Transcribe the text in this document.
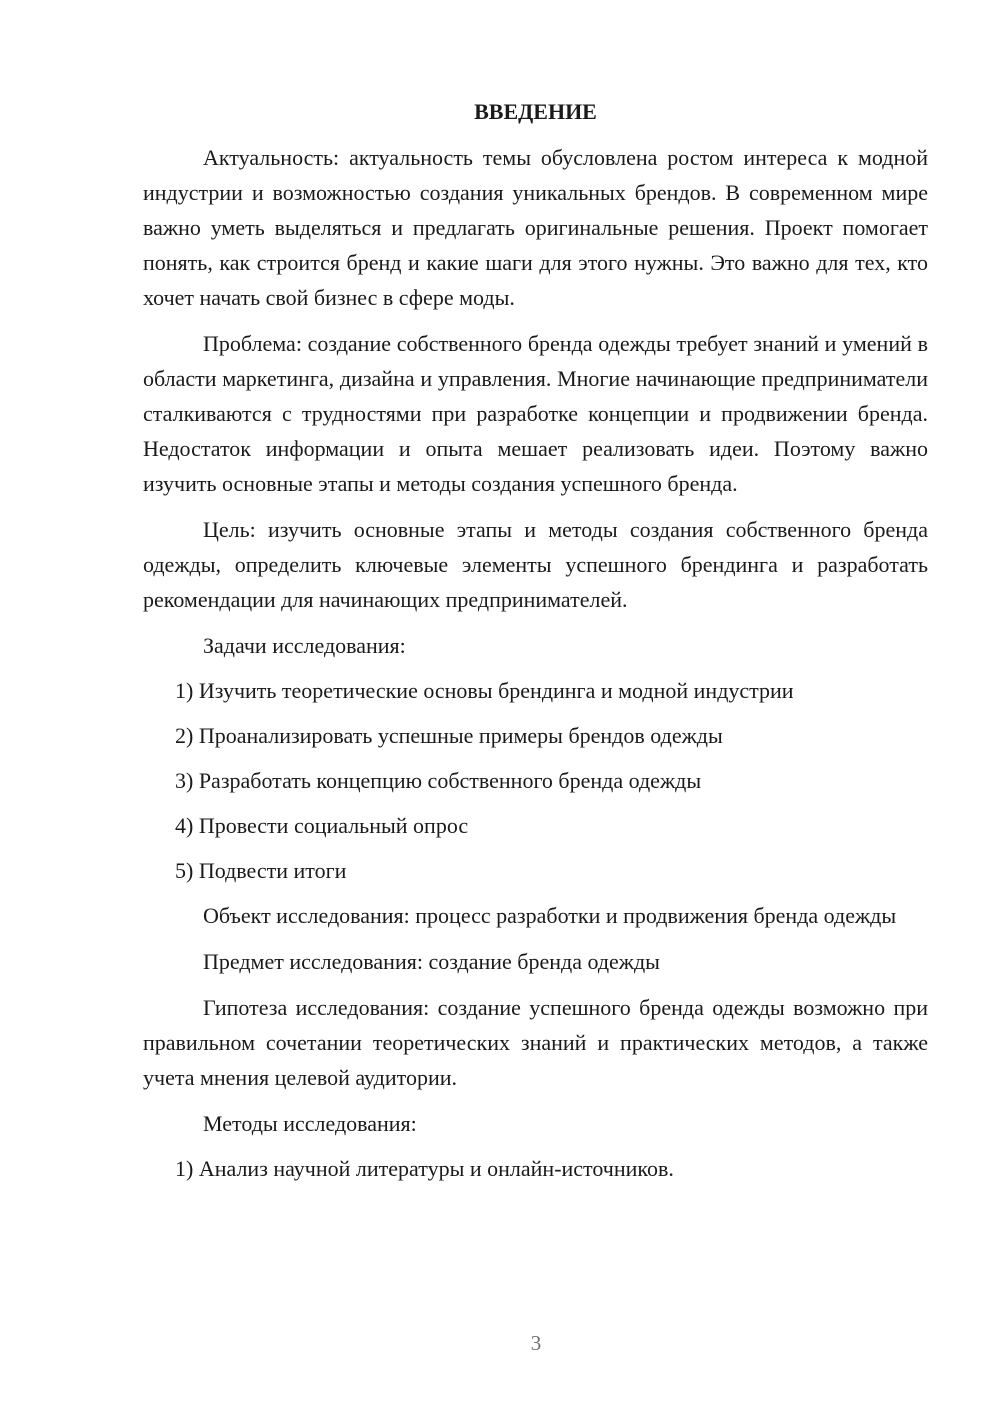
ВВЕДЕНИЕ

Актуальность: актуальность темы обусловлена ростом интереса к модной индустрии и возможностью создания уникальных брендов. В современном мире важно уметь выделяться и предлагать оригинальные решения. Проект помогает понять, как строится бренд и какие шаги для этого нужны. Это важно для тех, кто хочет начать свой бизнес в сфере моды.

Проблема: создание собственного бренда одежды требует знаний и умений в области маркетинга, дизайна и управления. Многие начинающие предприниматели сталкиваются с трудностями при разработке концепции и продвижении бренда. Недостаток информации и опыта мешает реализовать идеи. Поэтому важно изучить основные этапы и методы создания успешного бренда.

Цель: изучить основные этапы и методы создания собственного бренда одежды, определить ключевые элементы успешного брендинга и разработать рекомендации для начинающих предпринимателей.

Задачи исследования:

1) Изучить теоретические основы брендинга и модной индустрии
2) Проанализировать успешные примеры брендов одежды
3) Разработать концепцию собственного бренда одежды
4) Провести социальный опрос
5) Подвести итоги

Объект исследования: процесс разработки и продвижения бренда одежды

Предмет исследования: создание бренда одежды

Гипотеза исследования: создание успешного бренда одежды возможно при правильном сочетании теоретических знаний и практических методов, а также учета мнения целевой аудитории.

Методы исследования:

1) Анализ научной литературы и онлайн-источников.
3
